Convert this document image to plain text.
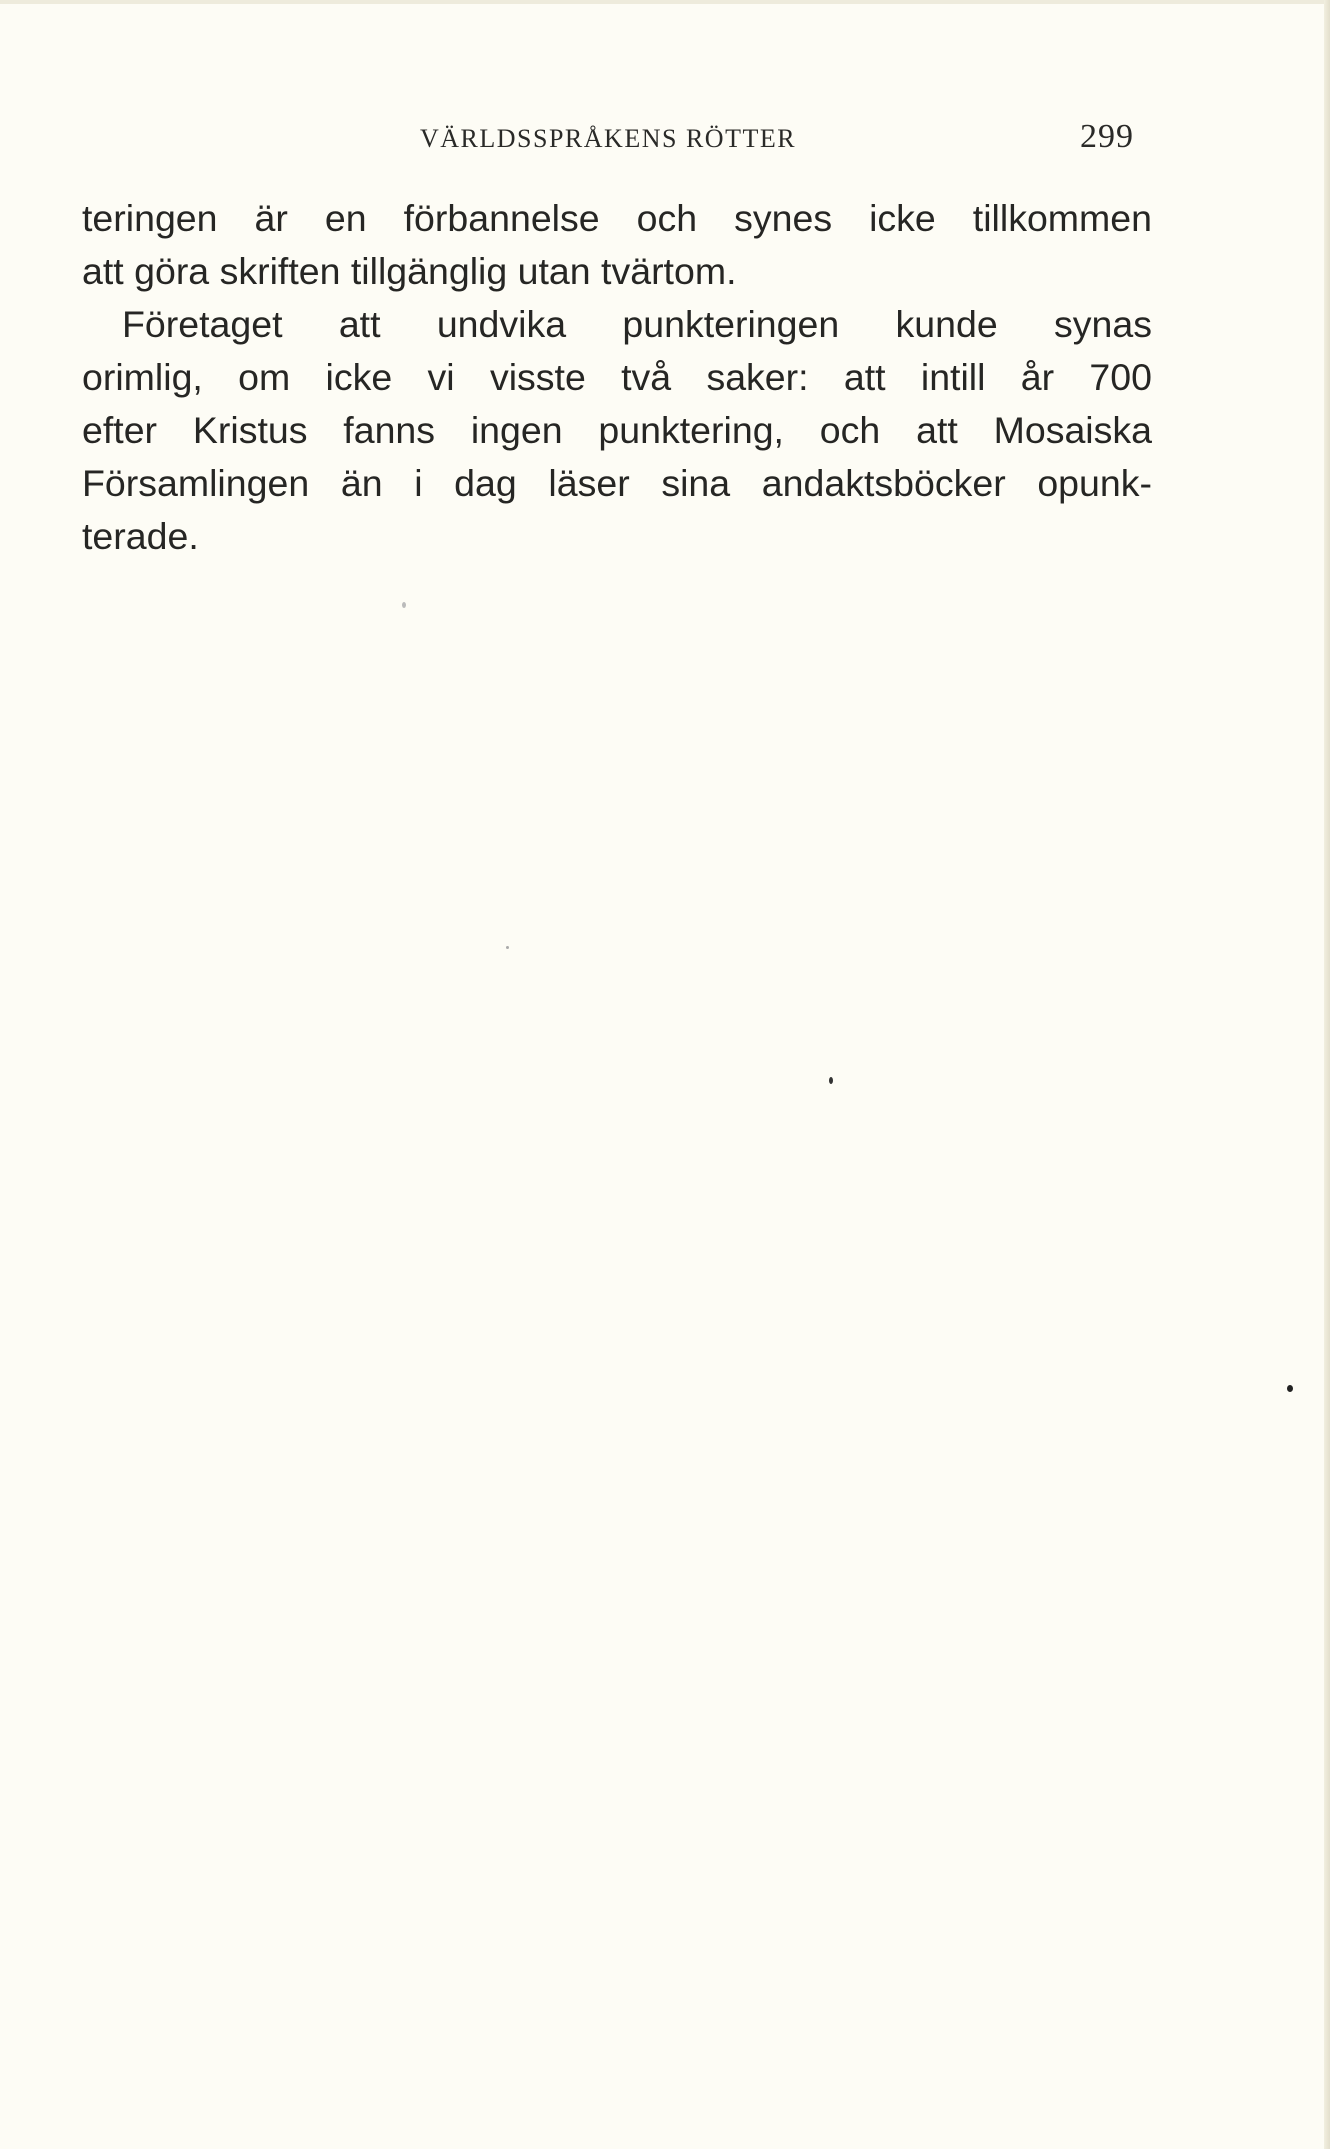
VÄRLDSSPRÅKENS RÖTTER	299
teringen är en förbannelse och synes icke tillkommen
att göra skriften tillgänglig utan tvärtom.
Företaget att undvika punkteringen kunde synas
orimlig, om icke vi visste två saker: att intill år 700
efter Kristus fanns ingen punktering, och att Mosaiska
Församlingen än i dag läser sina andaktsböcker opunk-
terade.
